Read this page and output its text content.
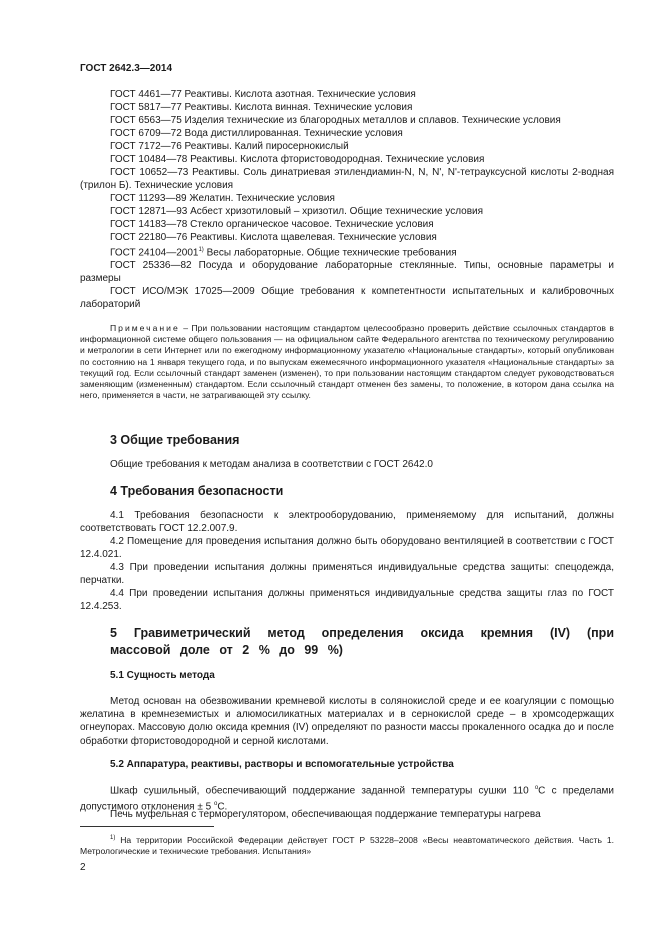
ГОСТ 2642.3—2014
ГОСТ 4461—77 Реактивы. Кислота азотная. Технические условия
ГОСТ 5817—77 Реактивы. Кислота винная. Технические условия
ГОСТ 6563—75 Изделия технические из благородных металлов и сплавов. Технические условия
ГОСТ 6709—72 Вода дистиллированная. Технические условия
ГОСТ 7172—76 Реактивы. Калий пиросернокислый
ГОСТ 10484—78 Реактивы. Кислота фтористоводородная. Технические условия
ГОСТ 10652—73 Реактивы. Соль динатриевая этилендиамин-N, N, N', N'-тетрауксусной кислоты 2-водная (трилон Б). Технические условия
ГОСТ 11293—89 Желатин. Технические условия
ГОСТ 12871—93 Асбест хризотиловый – хризотил. Общие технические условия
ГОСТ 14183—78 Стекло органическое часовое. Технические условия
ГОСТ 22180—76 Реактивы. Кислота щавелевая. Технические условия
ГОСТ 24104—2001$^{1)}$ Весы лабораторные. Общие технические требования
ГОСТ 25336—82 Посуда и оборудование лабораторные стеклянные. Типы, основные параметры и размеры
ГОСТ ИСО/МЭК 17025—2009 Общие требования к компетентности испытательных и калибровочных лабораторий
Примечание – При пользовании настоящим стандартом целесообразно проверить действие ссылочных стандартов в информационной системе общего пользования — на официальном сайте Федерального агентства по техническому регулированию и метрологии в сети Интернет или по ежегодному информационному указателю «Национальные стандарты», который опубликован по состоянию на 1 января текущего года, и по выпускам ежемесячного информационного указателя «Национальные стандарты» за текущий год. Если ссылочный стандарт заменен (изменен), то при пользовании настоящим стандартом следует руководствоваться заменяющим (измененным) стандартом. Если ссылочный стандарт отменен без замены, то положение, в котором дана ссылка на него, применяется в части, не затрагивающей эту ссылку.
3 Общие требования
Общие требования к методам анализа в соответствии с ГОСТ 2642.0
4 Требования безопасности
4.1 Требования безопасности к электрооборудованию, применяемому для испытаний, должны соответствовать ГОСТ 12.2.007.9.
4.2 Помещение для проведения испытания должно быть оборудовано вентиляцией в соответствии с ГОСТ 12.4.021.
4.3 При проведении испытания должны применяться индивидуальные средства защиты: спецодежда, перчатки.
4.4 При проведении испытания должны применяться индивидуальные средства защиты глаз по ГОСТ 12.4.253.
5 Гравиметрический метод определения оксида кремния (IV) (при массовой доле от 2 % до 99 %)
5.1 Сущность метода
Метод основан на обезвоживании кремневой кислоты в солянокислой среде и ее коагуляции с помощью желатина в кремнеземистых и алюмосиликатных материалах и в сернокислой среде – в хромсодержащих огнеупорах. Массовую долю оксида кремния (IV) определяют по разности массы прокаленного осадка до и после обработки фтористоводородной и серной кислотами.
5.2 Аппаратура, реактивы, растворы и вспомогательные устройства
Шкаф сушильный, обеспечивающий поддержание заданной температуры сушки 110 $^o$С с пределами допустимого отклонения ± 5 $^o$С.
Печь муфельная с терморегулятором, обеспечивающая поддержание температуры нагрева
$^{1)}$ На территории Российской Федерации действует ГОСТ Р 53228–2008 «Весы неавтоматического действия. Часть 1. Метрологические и технические требования. Испытания»
2
